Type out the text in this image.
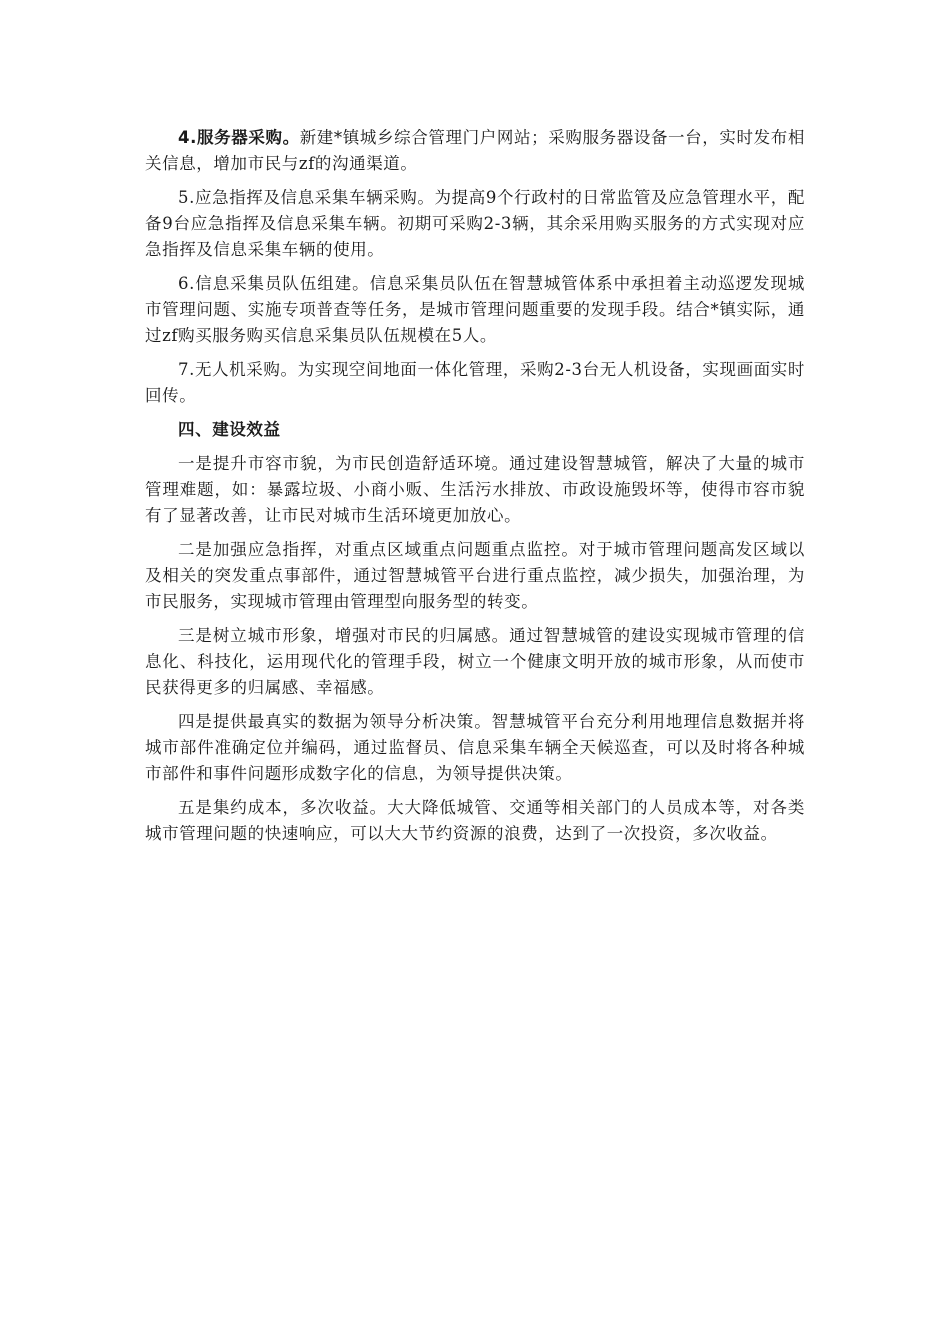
4.服务器采购。新建*镇城乡综合管理门户网站；采购服务器设备一台，实时发布相关信息，增加市民与zf的沟通渠道。

5.应急指挥及信息采集车辆采购。为提高9个行政村的日常监管及应急管理水平，配备9台应急指挥及信息采集车辆。初期可采购2-3辆，其余采用购买服务的方式实现对应急指挥及信息采集车辆的使用。

6.信息采集员队伍组建。信息采集员队伍在智慧城管体系中承担着主动巡逻发现城市管理问题、实施专项普查等任务，是城市管理问题重要的发现手段。结合*镇实际，通过zf购买服务购买信息采集员队伍规模在5人。

7.无人机采购。为实现空间地面一体化管理，采购2-3台无人机设备，实现画面实时回传。

四、建设效益

一是提升市容市貌，为市民创造舒适环境。通过建设智慧城管，解决了大量的城市管理难题，如：暴露垃圾、小商小贩、生活污水排放、市政设施毁坏等，使得市容市貌有了显著改善，让市民对城市生活环境更加放心。

二是加强应急指挥，对重点区域重点问题重点监控。对于城市管理问题高发区域以及相关的突发重点事部件，通过智慧城管平台进行重点监控，减少损失，加强治理，为市民服务，实现城市管理由管理型向服务型的转变。

三是树立城市形象，增强对市民的归属感。通过智慧城管的建设实现城市管理的信息化、科技化，运用现代化的管理手段，树立一个健康文明开放的城市形象，从而使市民获得更多的归属感、幸福感。

四是提供最真实的数据为领导分析决策。智慧城管平台充分利用地理信息数据并将城市部件准确定位并编码，通过监督员、信息采集车辆全天候巡查，可以及时将各种城市部件和事件问题形成数字化的信息，为领导提供决策。

五是集约成本，多次收益。大大降低城管、交通等相关部门的人员成本等，对各类城市管理问题的快速响应，可以大大节约资源的浪费，达到了一次投资，多次收益。
